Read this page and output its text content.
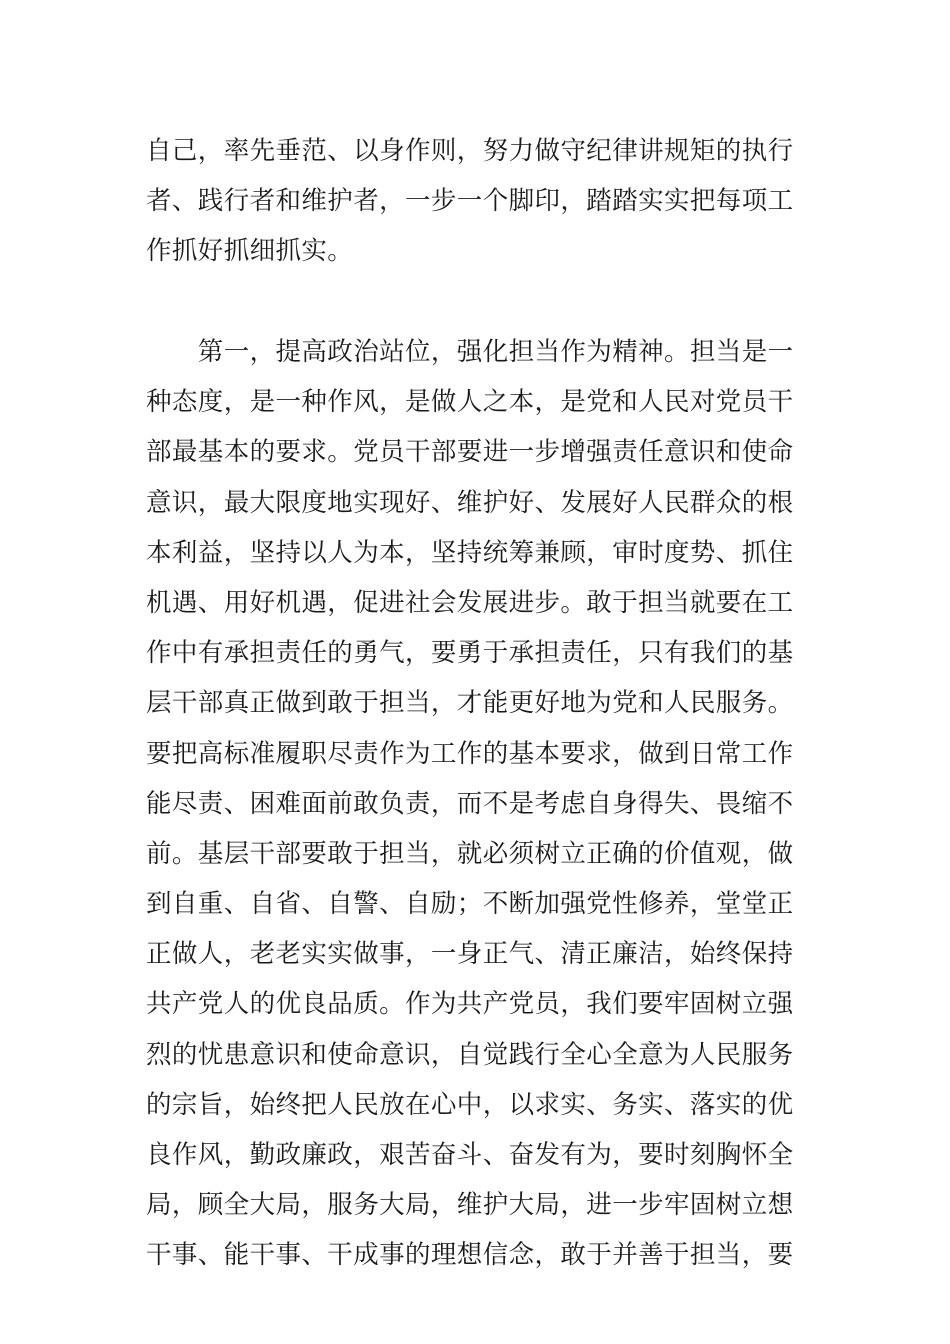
自己，率先垂范、以身作则，努力做守纪律讲规矩的执行
者、践行者和维护者，一步一个脚印，踏踏实实把每项工
作抓好抓细抓实。
　　第一，提高政治站位，强化担当作为精神。担当是一
种态度，是一种作风，是做人之本，是党和人民对党员干
部最基本的要求。党员干部要进一步增强责任意识和使命
意识，最大限度地实现好、维护好、发展好人民群众的根
本利益，坚持以人为本，坚持统筹兼顾，审时度势、抓住
机遇、用好机遇，促进社会发展进步。敢于担当就要在工
作中有承担责任的勇气，要勇于承担责任，只有我们的基
层干部真正做到敢于担当，才能更好地为党和人民服务。
要把高标准履职尽责作为工作的基本要求，做到日常工作
能尽责、困难面前敢负责，而不是考虑自身得失、畏缩不
前。基层干部要敢于担当，就必须树立正确的价值观，做
到自重、自省、自警、自励；不断加强党性修养，堂堂正
正做人，老老实实做事，一身正气、清正廉洁，始终保持
共产党人的优良品质。作为共产党员，我们要牢固树立强
烈的忧患意识和使命意识，自觉践行全心全意为人民服务
的宗旨，始终把人民放在心中，以求实、务实、落实的优
良作风，勤政廉政，艰苦奋斗、奋发有为，要时刻胸怀全
局，顾全大局，服务大局，维护大局，进一步牢固树立想
干事、能干事、干成事的理想信念，敢于并善于担当，要
